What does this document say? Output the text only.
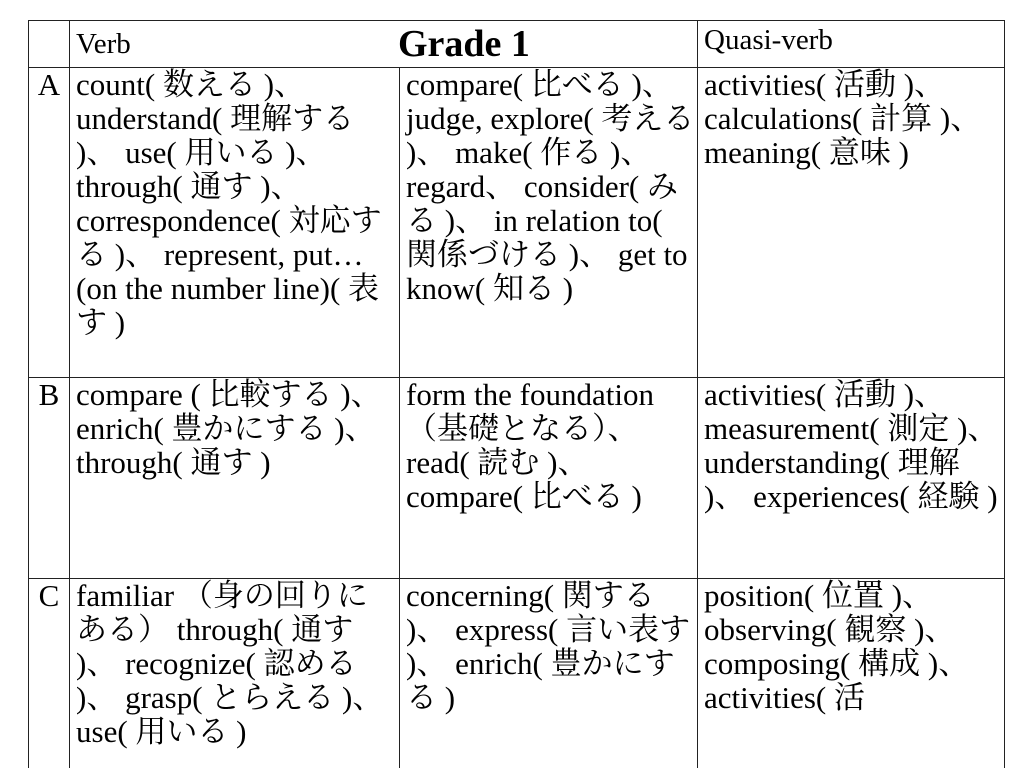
	Verb Grade 1		Quasi-verb
A	count( 数える )、 understand( 理解する )、 use( 用いる )、 through( 通す )、 correspondence( 対応する )、 represent, put…(on the number line)( 表す )	compare( 比べる )、 judge, explore( 考える )、 make( 作る )、 regard、 consider( みる )、 in relation to( 関係づける )、 get to know( 知る )	activities( 活動 )、 calculations( 計算 )、 meaning( 意味 )

B	compare ( 比較する )、 enrich( 豊かにする )、 through( 通す )	form the foundation （基礎となる）、 read( 読む )、 compare( 比べる )	activities( 活動 )、 measurement( 測定 )、 understanding( 理解 )、 experiences( 経験 )

C	familiar （身の回りにある） through( 通す )、 recognize( 認める )、 grasp( とらえる )、 use( 用いる )	concerning( 関する )、 express( 言い表す )、 enrich( 豊かにする )	position( 位置 )、 observing( 観察 )、 composing( 構成 )、 activities( 活
